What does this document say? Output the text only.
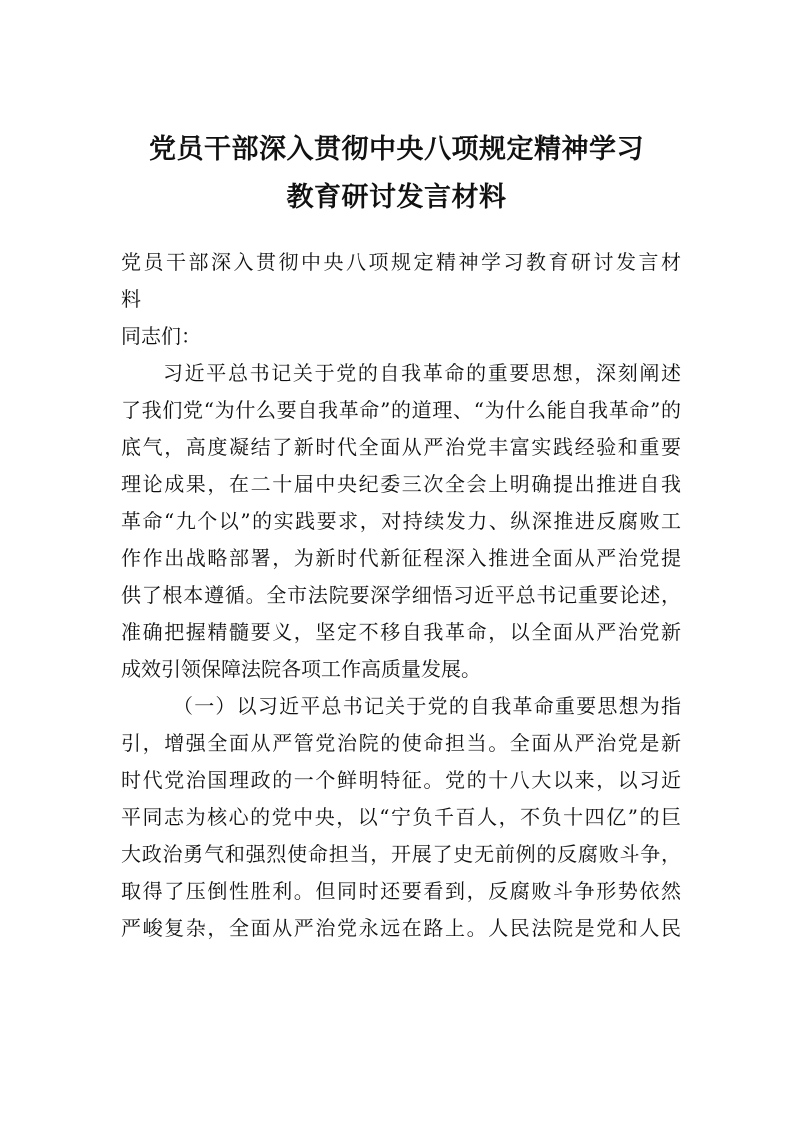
党员干部深入贯彻中央八项规定精神学习
教育研讨发言材料
党员干部深入贯彻中央八项规定精神学习教育研讨发言材
料
同志们：
习近平总书记关于党的自我革命的重要思想，深刻阐述
了我们党“为什么要自我革命”的道理、“为什么能自我革命”的
底气，高度凝结了新时代全面从严治党丰富实践经验和重要
理论成果，在二十届中央纪委三次全会上明确提出推进自我
革命“九个以”的实践要求，对持续发力、纵深推进反腐败工
作作出战略部署，为新时代新征程深入推进全面从严治党提
供了根本遵循。全市法院要深学细悟习近平总书记重要论述，
准确把握精髓要义，坚定不移自我革命，以全面从严治党新
成效引领保障法院各项工作高质量发展。
（一）以习近平总书记关于党的自我革命重要思想为指
引，增强全面从严管党治院的使命担当。全面从严治党是新
时代党治国理政的一个鲜明特征。党的十八大以来，以习近
平同志为核心的党中央，以“宁负千百人，不负十四亿”的巨
大政治勇气和强烈使命担当，开展了史无前例的反腐败斗争，
取得了压倒性胜利。但同时还要看到，反腐败斗争形势依然
严峻复杂，全面从严治党永远在路上。人民法院是党和人民
